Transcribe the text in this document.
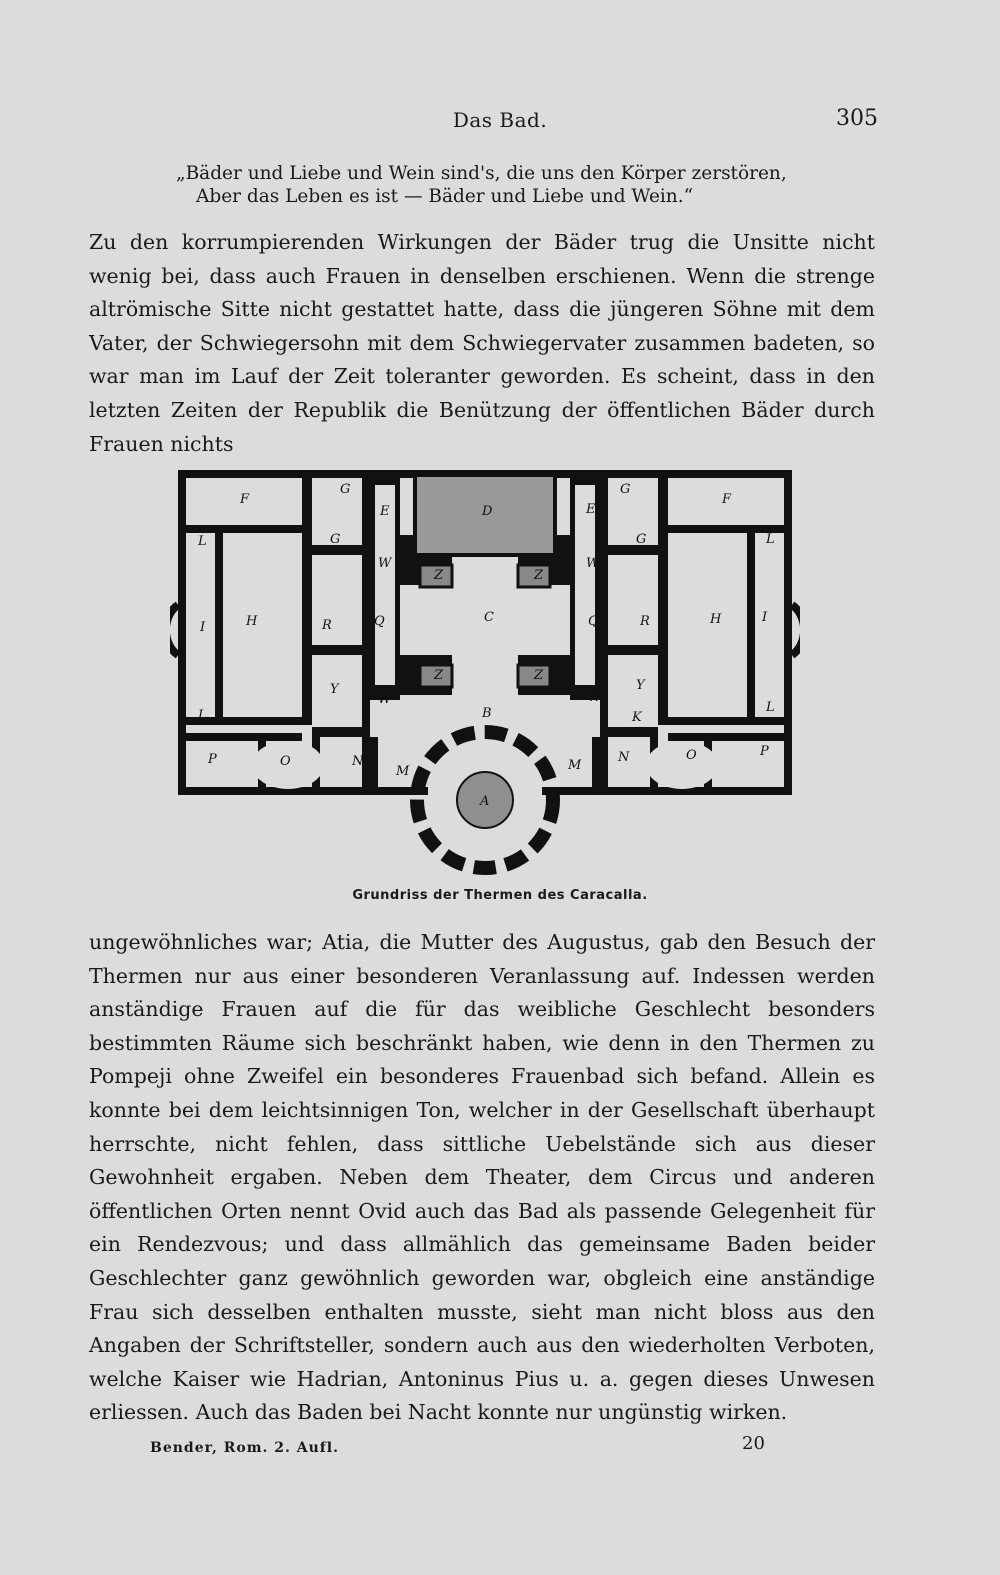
Das Bad.	305
„Bäder und Liebe und Wein sind's, die uns den Körper zerstören,
Aber das Leben es ist — Bäder und Liebe und Wein.“

Zu den korrumpierenden Wirkungen der Bäder trug die Unsitte nicht wenig bei, dass auch Frauen in denselben erschienen. Wenn die strenge altrömische Sitte nicht gestattet hatte, dass die jüngeren Söhne mit dem Vater, der Schwiegersohn mit dem Schwiegervater zusammen badeten, so war man im Lauf der Zeit toleranter geworden. Es scheint, dass in den letzten Zeiten der Republik die Benützung der öffentlichen Bäder durch Frauen nichts

F	F
G	G
G	G
E	E
D
L	L
L
L
W	W
W	W
Z	Z
Z	Z
I
I
H	H
R	R
Q	Q
C
Y	Y
K
B
P
P
O	O
N	N
M	M
A
Grundriss der Thermen des Caracalla.

ungewöhnliches war; Atia, die Mutter des Augustus, gab den Besuch der Thermen nur aus einer besonderen Veranlassung auf. Indessen werden anständige Frauen auf die für das weibliche Geschlecht besonders bestimmten Räume sich beschränkt haben, wie denn in den Thermen zu Pompeji ohne Zweifel ein besonderes Frauenbad sich befand. Allein es konnte bei dem leichtsinnigen Ton, welcher in der Gesellschaft überhaupt herrschte, nicht fehlen, dass sittliche Uebelstände sich aus dieser Gewohnheit ergaben. Neben dem Theater, dem Circus und anderen öffentlichen Orten nennt Ovid auch das Bad als passende Gelegenheit für ein Rendezvous; und dass allmählich das gemeinsame Baden beider Geschlechter ganz gewöhnlich geworden war, obgleich eine anständige Frau sich desselben enthalten musste, sieht man nicht bloss aus den Angaben der Schriftsteller, sondern auch aus den wiederholten Verboten, welche Kaiser wie Hadrian, Antoninus Pius u. a. gegen dieses Unwesen erliessen. Auch das Baden bei Nacht konnte nur ungünstig wirken.

Bender, Rom. 2. Aufl.	20
